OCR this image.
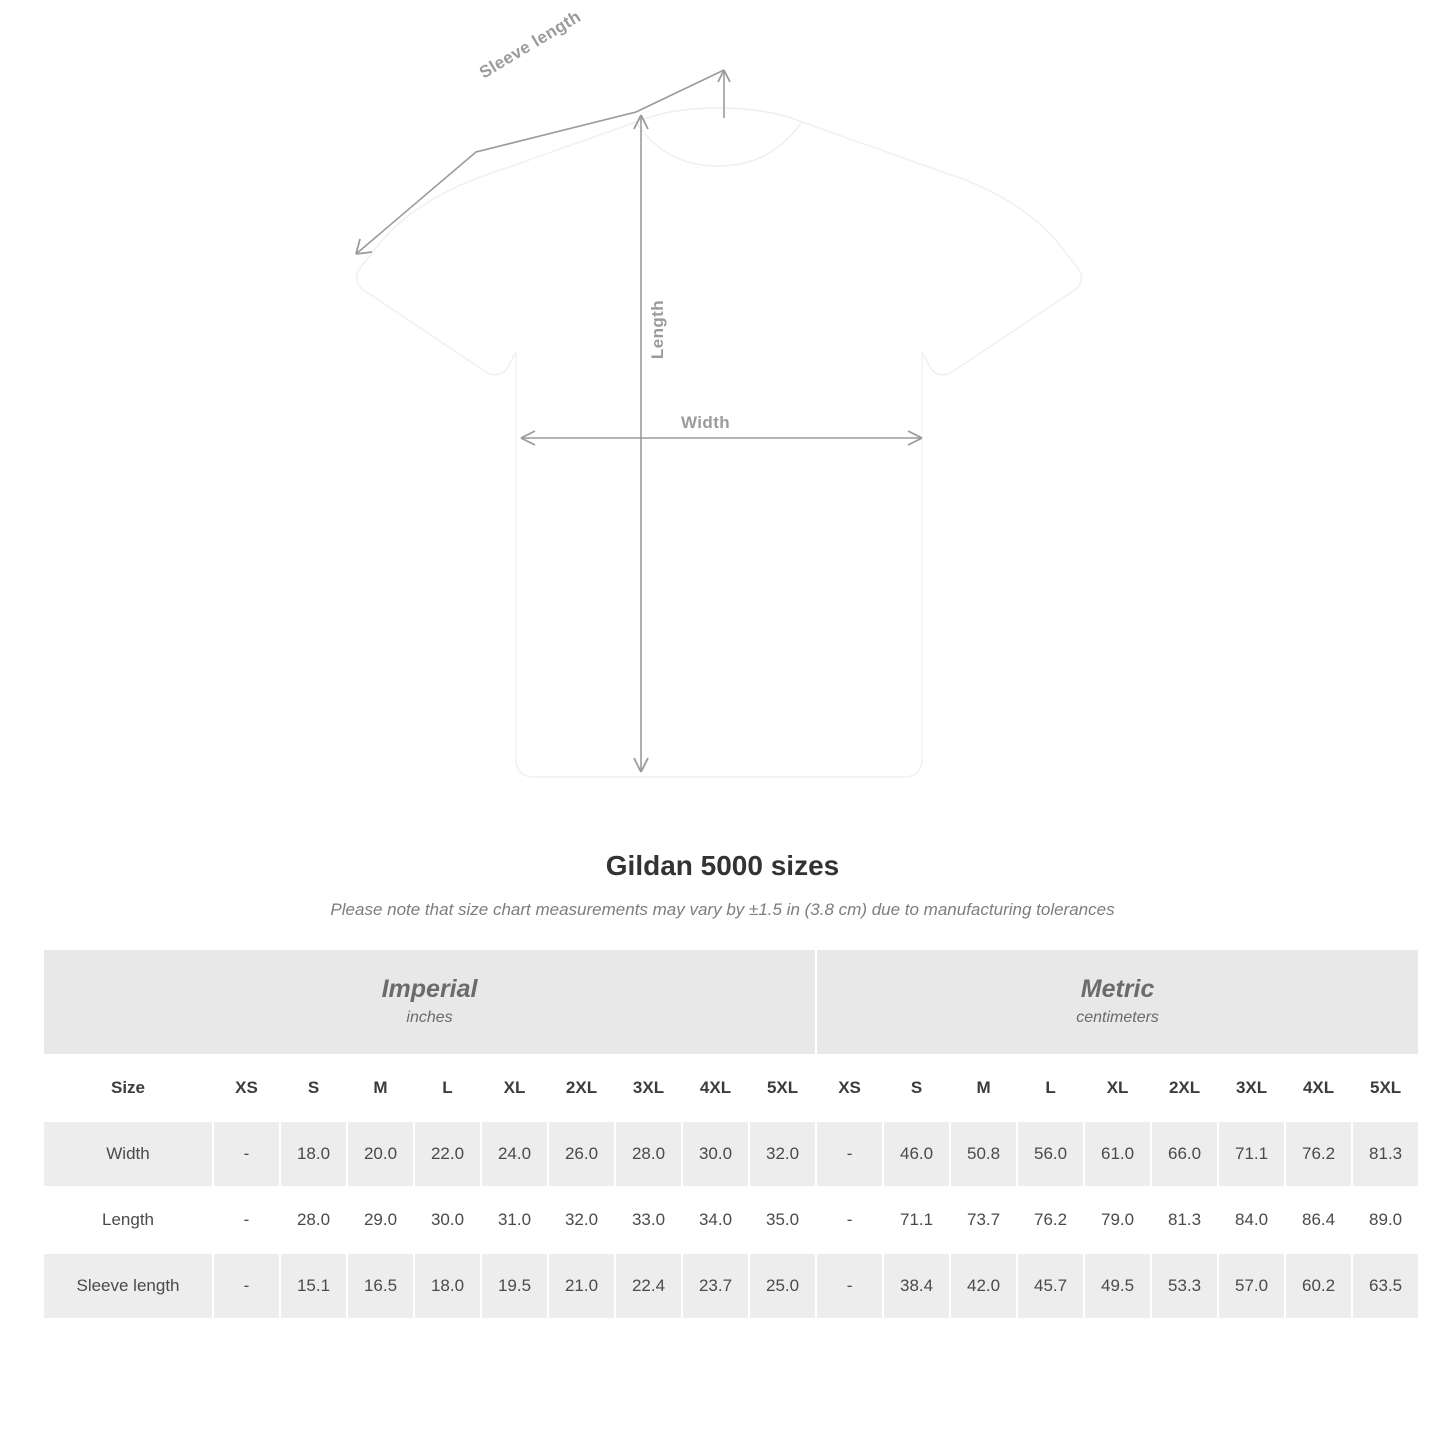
Sleeve length
Length
Width
Gildan 5000 sizes
Please note that size chart measurements may vary by ±1.5 in (3.8 cm) due to manufacturing tolerances
Imperial
inches

Metric
centimeters

Size	XS	S	M	L	XL	2XL	3XL	4XL	5XL	XS	S	M	L	XL	2XL	3XL	4XL	5XL
Width	-	18.0	20.0	22.0	24.0	26.0	28.0	30.0	32.0	-	46.0	50.8	56.0	61.0	66.0	71.1	76.2	81.3
Length	-	28.0	29.0	30.0	31.0	32.0	33.0	34.0	35.0	-	71.1	73.7	76.2	79.0	81.3	84.0	86.4	89.0
Sleeve length	-	15.1	16.5	18.0	19.5	21.0	22.4	23.7	25.0	-	38.4	42.0	45.7	49.5	53.3	57.0	60.2	63.5
